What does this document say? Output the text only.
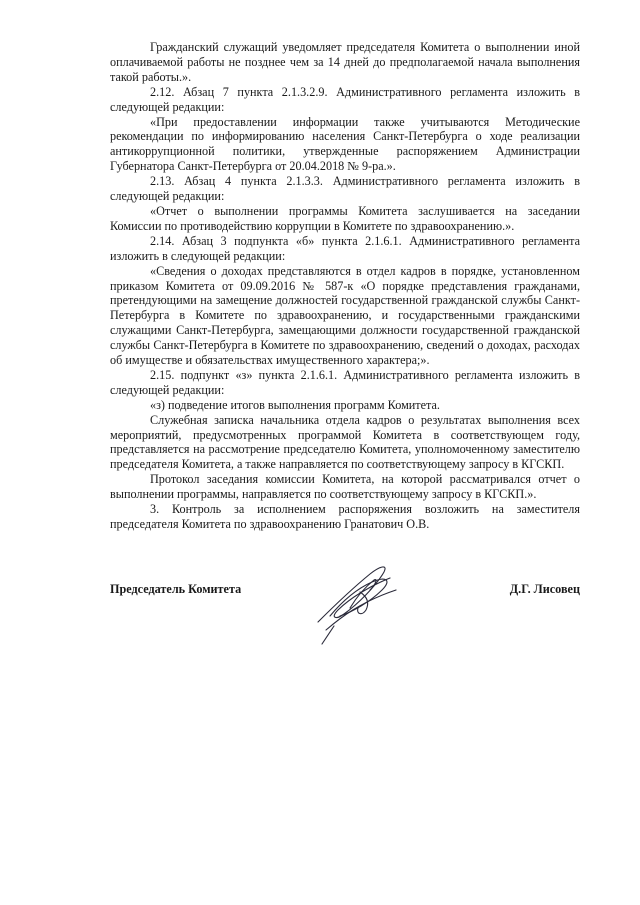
Гражданский служащий уведомляет председателя Комитета о выполнении иной оплачиваемой работы не позднее чем за 14 дней до предполагаемой начала выполнения такой работы.».

2.12. Абзац 7 пункта 2.1.3.2.9. Административного регламента изложить в следующей редакции:

«При предоставлении информации также учитываются Методические рекомендации по информированию населения Санкт-Петербурга о ходе реализации антикоррупционной политики, утвержденные распоряжением Администрации Губернатора Санкт-Петербурга от 20.04.2018 № 9-ра.».

2.13. Абзац 4 пункта 2.1.3.3. Административного регламента изложить в следующей редакции:

«Отчет о выполнении программы Комитета заслушивается на заседании Комиссии по противодействию коррупции в Комитете по здравоохранению.».

2.14. Абзац 3 подпункта «б» пункта 2.1.6.1. Административного регламента изложить в следующей редакции:

«Сведения о доходах представляются в отдел кадров в порядке, установленном приказом Комитета от 09.09.2016 № 587-к «О порядке представления гражданами, претендующими на замещение должностей государственной гражданской службы Санкт-Петербурга в Комитете по здравоохранению, и государственными гражданскими служащими Санкт-Петербурга, замещающими должности государственной гражданской службы Санкт-Петербурга в Комитете по здравоохранению, сведений о доходах, расходах об имуществе и обязательствах имущественного характера;».

2.15. подпункт «з» пункта 2.1.6.1. Административного регламента изложить в следующей редакции:

«з) подведение итогов выполнения программ Комитета.

Служебная записка начальника отдела кадров о результатах выполнения всех мероприятий, предусмотренных программой Комитета в соответствующем году, представляется на рассмотрение председателю Комитета, уполномоченному заместителю председателя Комитета, а также направляется по соответствующему запросу в КГСКП.

Протокол заседания комиссии Комитета, на которой рассматривался отчет о выполнении программы, направляется по соответствующему запросу в КГСКП.».

3. Контроль за исполнением распоряжения возложить на заместителя председателя Комитета по здравоохранению Гранатович О.В.

Председатель Комитета	Д.Г. Лисовец
